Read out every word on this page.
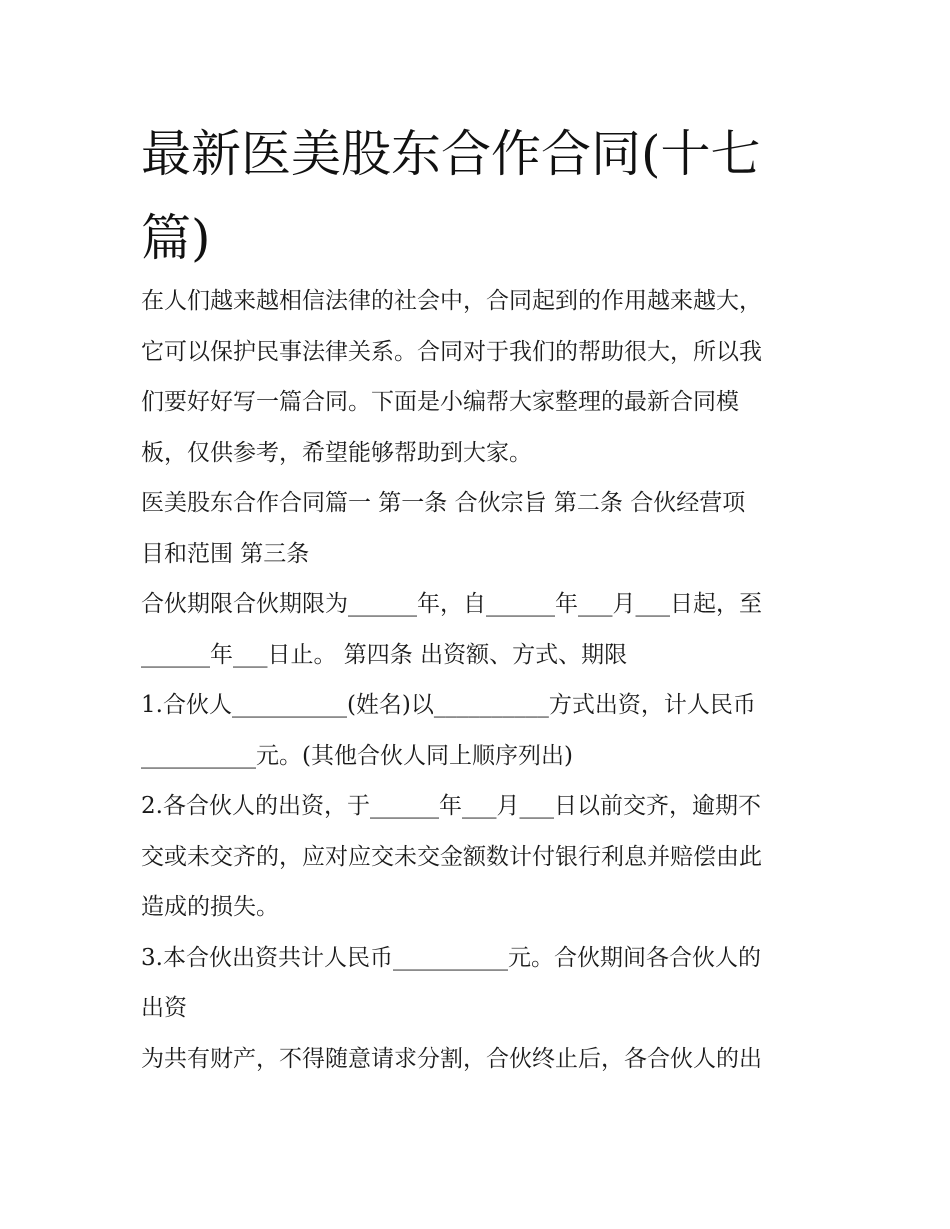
最新医美股东合作合同(十七
篇)
在人们越来越相信法律的社会中，合同起到的作用越来越大，
它可以保护民事法律关系。合同对于我们的帮助很大，所以我
们要好好写一篇合同。下面是小编帮大家整理的最新合同模
板，仅供参考，希望能够帮助到大家。
医美股东合作合同篇一 第一条 合伙宗旨 第二条 合伙经营项
目和范围 第三条
合伙期限合伙期限为______年，自______年___月___日起，至
______年___日止。 第四条 出资额、方式、期限
1.合伙人__________(姓名)以__________方式出资，计人民币
__________元。(其他合伙人同上顺序列出)
2.各合伙人的出资，于______年___月___日以前交齐，逾期不
交或未交齐的，应对应交未交金额数计付银行利息并赔偿由此
造成的损失。
3.本合伙出资共计人民币__________元。合伙期间各合伙人的
出资
为共有财产，不得随意请求分割，合伙终止后，各合伙人的出
